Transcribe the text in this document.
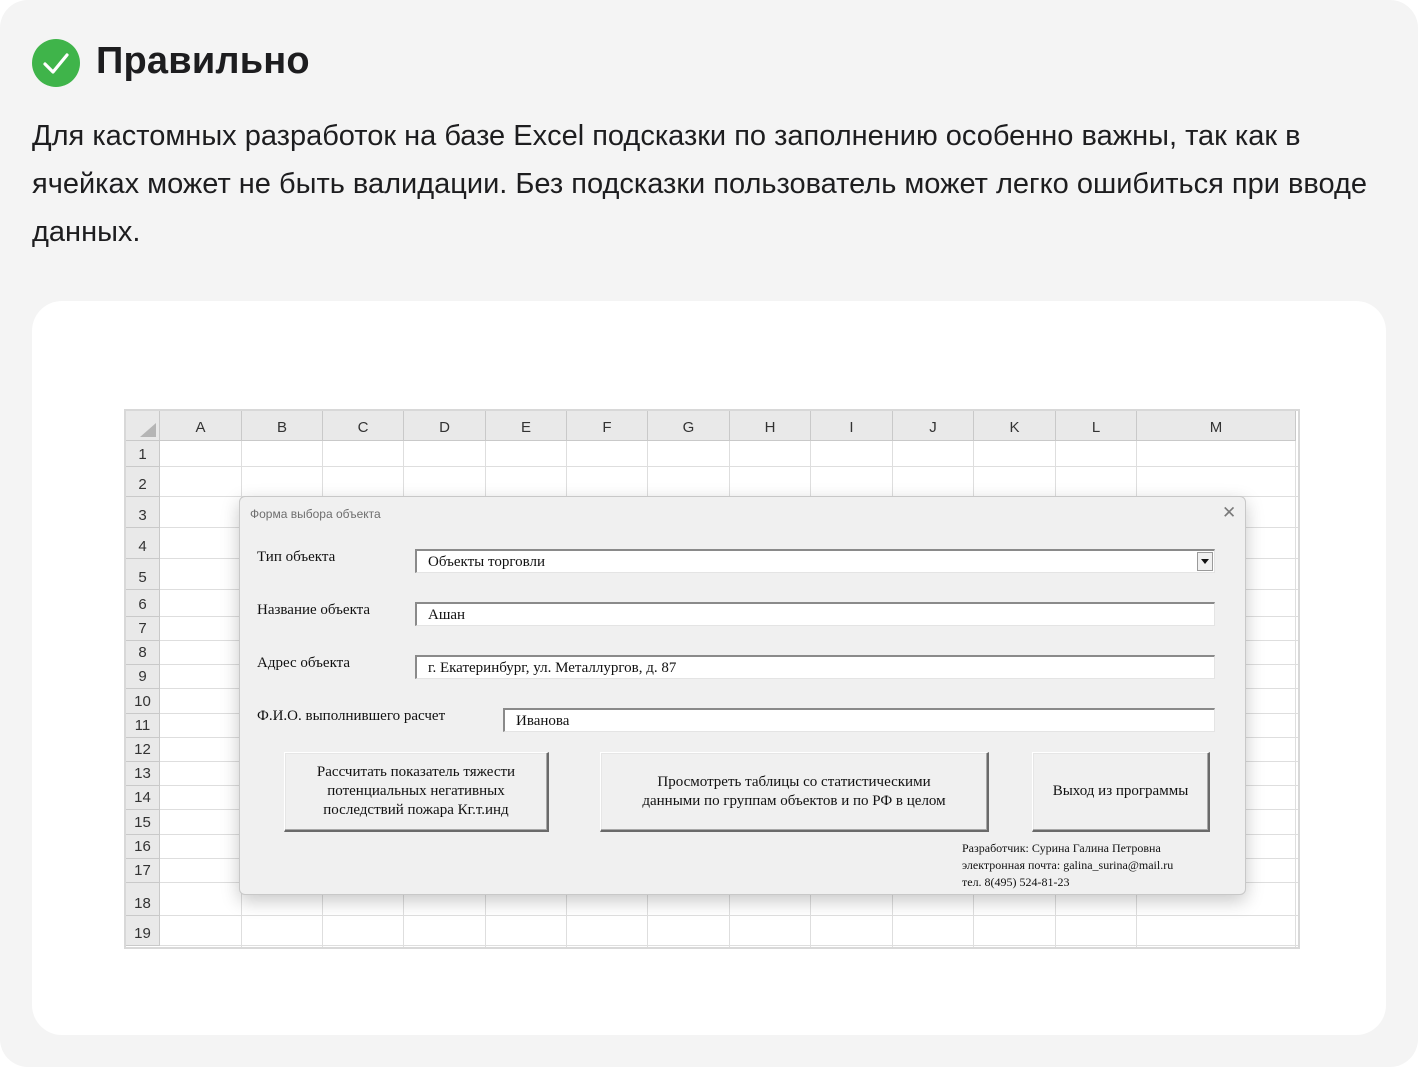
Правильно
Для кастомных разработок на базе Excel подсказки по заполнению особенно важны, так как в ячейках может не быть валидации. Без подсказки пользователь может легко ошибиться при вводе данных.
A	B	C	D	E	F	G	H	I	J	K	L	M
1
2
3
4
5
6
7
8
9
10
11
12
13
14
15
16
17
18
19
Форма выбора объекта	✕
Тип объекта	Объекты торговли
Название объекта	Ашан
Адрес объекта	г. Екатеринбург, ул. Металлургов, д. 87
Ф.И.О. выполнившего расчет	Иванова
Рассчитать показатель тяжести
потенциальных негативных
последствий пожара Кг.т.инд
Просмотреть таблицы со статистическими
данными по группам объектов и по РФ в целом
Выход из программы
Разработчик: Сурина Галина Петровна
электронная почта: galina_surina@mail.ru
тел. 8(495) 524-81-23
